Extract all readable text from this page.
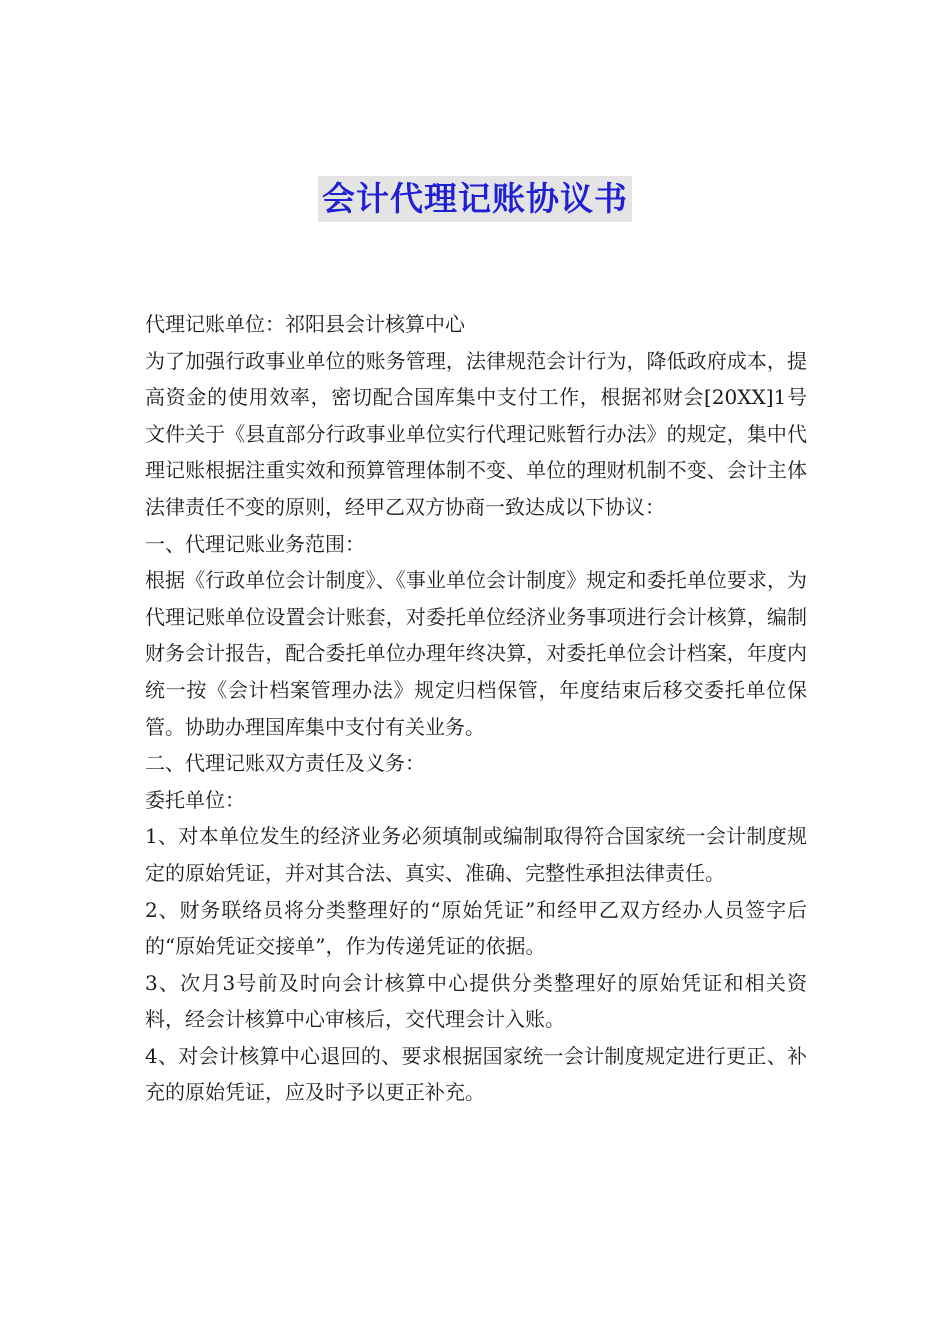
会计代理记账协议书

代理记账单位：祁阳县会计核算中心

为了加强行政事业单位的账务管理，法律规范会计行为，降低政府成本，提高资金的使用效率，密切配合国库集中支付工作，根据祁财会[20XX]1号文件关于《县直部分行政事业单位实行代理记账暂行办法》的规定，集中代理记账根据注重实效和预算管理体制不变、单位的理财机制不变、会计主体法律责任不变的原则，经甲乙双方协商一致达成以下协议：

一、代理记账业务范围：

根据《行政单位会计制度》、《事业单位会计制度》规定和委托单位要求，为代理记账单位设置会计账套，对委托单位经济业务事项进行会计核算，编制财务会计报告，配合委托单位办理年终决算，对委托单位会计档案，年度内统一按《会计档案管理办法》规定归档保管，年度结束后移交委托单位保管。协助办理国库集中支付有关业务。

二、代理记账双方责任及义务：

委托单位：

1、对本单位发生的经济业务必须填制或编制取得符合国家统一会计制度规定的原始凭证，并对其合法、真实、准确、完整性承担法律责任。

2、财务联络员将分类整理好的“原始凭证”和经甲乙双方经办人员签字后的“原始凭证交接单”，作为传递凭证的依据。

3、次月3号前及时向会计核算中心提供分类整理好的原始凭证和相关资料，经会计核算中心审核后，交代理会计入账。

4、对会计核算中心退回的、要求根据国家统一会计制度规定进行更正、补充的原始凭证，应及时予以更正补充。
